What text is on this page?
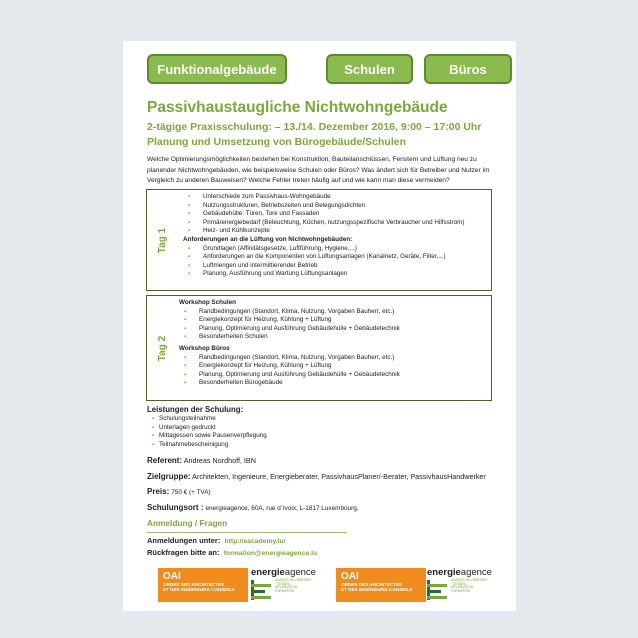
Funktionalgebäude	Schulen	Büros
Passivhaustaugliche Nichtwohngebäude
2-tägige Praxisschulung: – 13./14. Dezember 2016, 9:00 – 17:00 Uhr
Planung und Umsetzung von Bürogebäude/Schulen
Welche Optimierungsmöglichkeiten bestehen bei Konstruktion, Bauteilanschlüssen, Fenstern und Lüftung neu zu planender Nichtwohngebäuden, wie beispielsweise Schulen oder Büros? Was ändert sich für Betreiber und Nutzer im Vergleich zu anderen Bauweisen? Welche Fehler treten häufig auf und wie kann man diese vermeiden?
Tag 1
▪ Unterschiede zum Passivhaus-Wohngebäude
▪ Nutzungsstrukturen, Betriebszeiten und Belegungsdichten
▪ Gebäudehülle: Türen, Tore und Fassaden
▪ Primärenergiebedarf (Beleuchtung, Küchen, nutzungsspezifische Verbraucher und Hilfsstrom)
▪ Heiz- und Kühlkonzepte
Anforderungen an die Lüftung von Nichtwohngebäuden:
▪ Grundlagen (Affinitätsgesetze, Luftführung, Hygiene,...)
▪ Anforderungen an die Komponenten von Lüftungsanlagen (Kanalnetz, Geräte, Filter,...)
▪ Luftmengen und intermittierender Betrieb
▪ Planung, Ausführung und Wartung Lüftungsanlagen
Tag 2
Workshop Schulen
▪ Randbedingungen (Standort, Klima, Nutzung, Vorgaben Bauherr, etc.)
▪ Energiekonzept für Heizung, Kühlung + Lüftung
▪ Planung, Optimierung und Ausführung Gebäudehülle + Gebäudetechnik
▪ Besonderheiten Schulen
Workshop Büros
▪ Randbedingungen (Standort, Klima, Nutzung, Vorgaben Bauherr, etc.)
▪ Energiekonzept für Heizung, Kühlung + Lüftung
▪ Planung, Optimierung und Ausführung Gebäudehülle + Gebäudetechnik
▪ Besonderheiten Bürogebäude
Leistungen der Schulung:
▪ Schulungsteilnahme
▪ Unterlagen gedruckt
▪ Mittagessen sowie Pausenverpflegung
▪ Teilnahmebescheinigung
Referent: Andreas Nordhoff, IBN
Zielgruppe: Architekten, Ingenieure, Energieberater, PassivhausPlaner/-Berater, PassivhausHandwerker
Preis: 750 € (+ TVA)
Schulungsort : energieagence, 60A, rue d`Ivoix, L-1817 Luxembourg,
Anmeldung / Fragen
Anmeldungen unter: http://eacademy.lu/
Rückfragen bitte an: formation@energieagence.lu
OAI
ORDRE DES ARCHITECTES
ET DES INGÉNIEURS-CONSEILS
energieagence
AGENCE DE L'ÉNERGIE · CONSEIL · INFORMATION · FORMATION
OAI
ORDRE DES ARCHITECTES
ET DES INGÉNIEURS-CONSEILS
energieagence
AGENCE DE L'ÉNERGIE · CONSEIL · INFORMATION · FORMATION
